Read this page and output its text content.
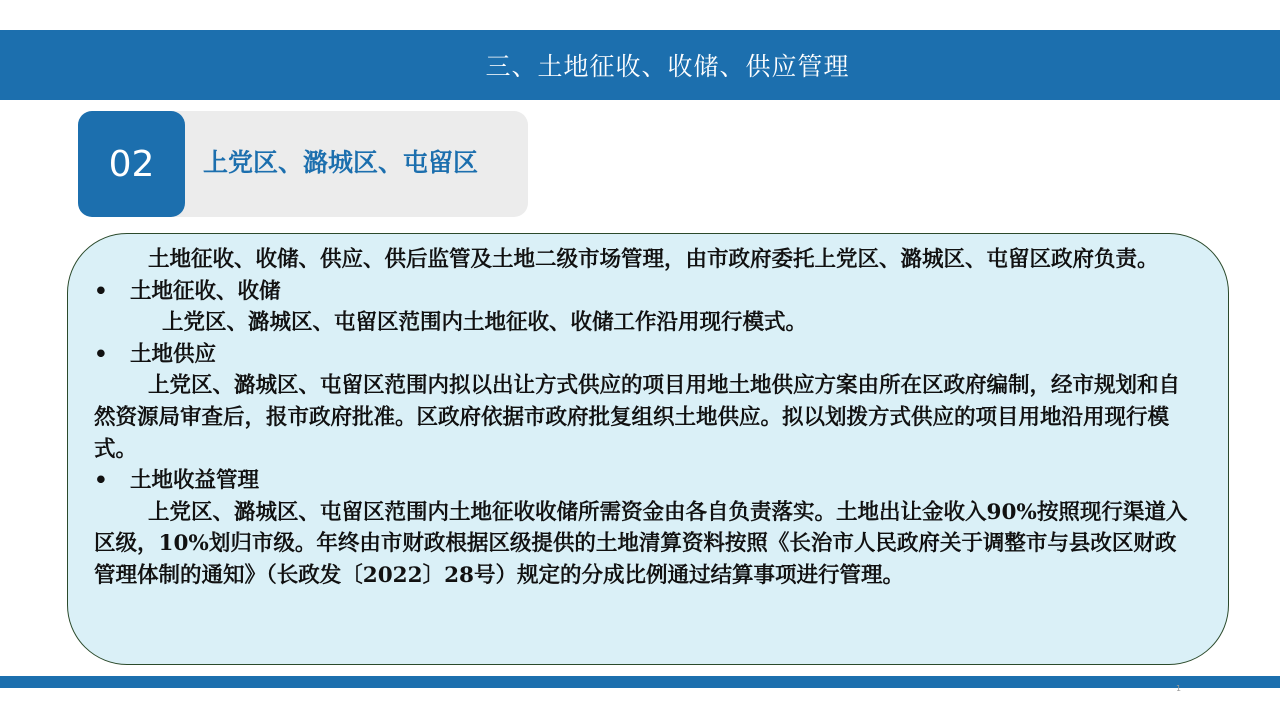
三、土地征收、收储、供应管理
02 上党区、潞城区、屯留区

土地征收、收储、供应、供后监管及土地二级市场管理，由市政府委托上党区、潞城区、屯留区政府负责。

•	土地征收、收储

上党区、潞城区、屯留区范围内土地征收、收储工作沿用现行模式。

•	土地供应

上党区、潞城区、屯留区范围内拟以出让方式供应的项目用地土地供应方案由所在区政府编制，经市规划和自然资源局审查后，报市政府批准。区政府依据市政府批复组织土地供应。拟以划拨方式供应的项目用地沿用现行模式。

•	土地收益管理

上党区、潞城区、屯留区范围内土地征收收储所需资金由各自负责落实。土地出让金收入90%按照现行渠道入区级，10%划归市级。年终由市财政根据区级提供的土地清算资料按照《长治市人民政府关于调整市与县改区财政管理体制的通知》（长政发〔2022〕28号）规定的分成比例通过结算事项进行管理。

1
